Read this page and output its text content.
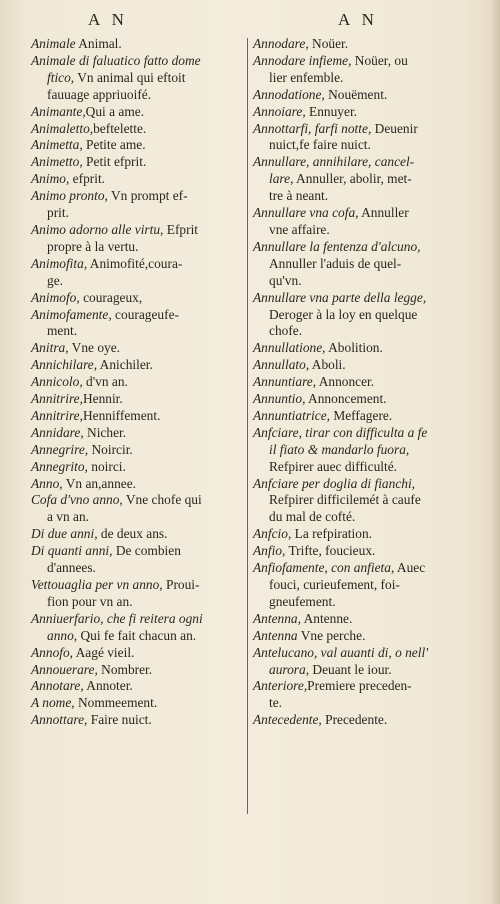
A N	A N
Animale Animal.
Animale di faluatico fatto dome
ftico, Vn animal qui eftoit
fauuage appriuoifé.
Animante,Qui a ame.
Animaletto,beftelette.
Animetta, Petite ame.
Animetto, Petit efprit.
Animo, efprit.
Animo pronto, Vn prompt ef-
prit.
Animo adorno alle virtu, Efprit
propre à la vertu.
Animofita, Animofité,coura-
ge.
Animofo, courageux,
Animofamente, courageufe-
ment.
Anitra, Vne oye.
Annichilare, Anichiler.
Annicolo, d'vn an.
Annitrire,Hennir.
Annitrire,Henniffement.
Annidare, Nicher.
Annegrire, Noircir.
Annegrito, noirci.
Anno, Vn an,annee.
Cofa d'vno anno, Vne chofe qui
a vn an.
Di due anni, de deux ans.
Di quanti anni, De combien
d'annees.
Vettouaglia per vn anno, Proui-
fion pour vn an.
Anniuerfario, che fi reitera ogni
anno, Qui fe fait chacun an.
Annofo, Aagé vieil.
Annouerare, Nombrer.
Annotare, Annoter.
A nome, Nommeement.
Annottare, Faire nuict.
Annodare, Noüer.
Annodare infieme, Noüer, ou
lier enfemble.
Annodatione, Nouëment.
Annoiare, Ennuyer.
Annottarfi, farfi notte, Deuenir
nuict,fe faire nuict.
Annullare, annihilare, cancel-
lare, Annuller, abolir, met-
tre à neant.
Annullare vna cofa, Annuller
vne affaire.
Annullare la fentenza d'alcuno,
Annuller l'aduis de quel-
qu'vn.
Annullare vna parte della legge,
Deroger à la loy en quelque
chofe.
Annullatione, Abolition.
Annullato, Aboli.
Annuntiare, Annoncer.
Annuntio, Annoncement.
Annuntiatrice, Meffagere.
Anfciare, tirar con difficulta a fe
il fiato & mandarlo fuora,
Refpirer auec difficulté.
Anfciare per doglia di fianchi,
Refpirer difficilemét à caufe
du mal de cofté.
Anfcio, La refpiration.
Anfio, Trifte, foucieux.
Anfiofamente, con anfieta, Auec
fouci, curieufement, foi-
gneufement.
Antenna, Antenne.
Antenna Vne perche.
Antelucano, val auanti di, o nell'
aurora, Deuant le iour.
Anteriore,Premiere preceden-
te.
Antecedente, Precedente.
